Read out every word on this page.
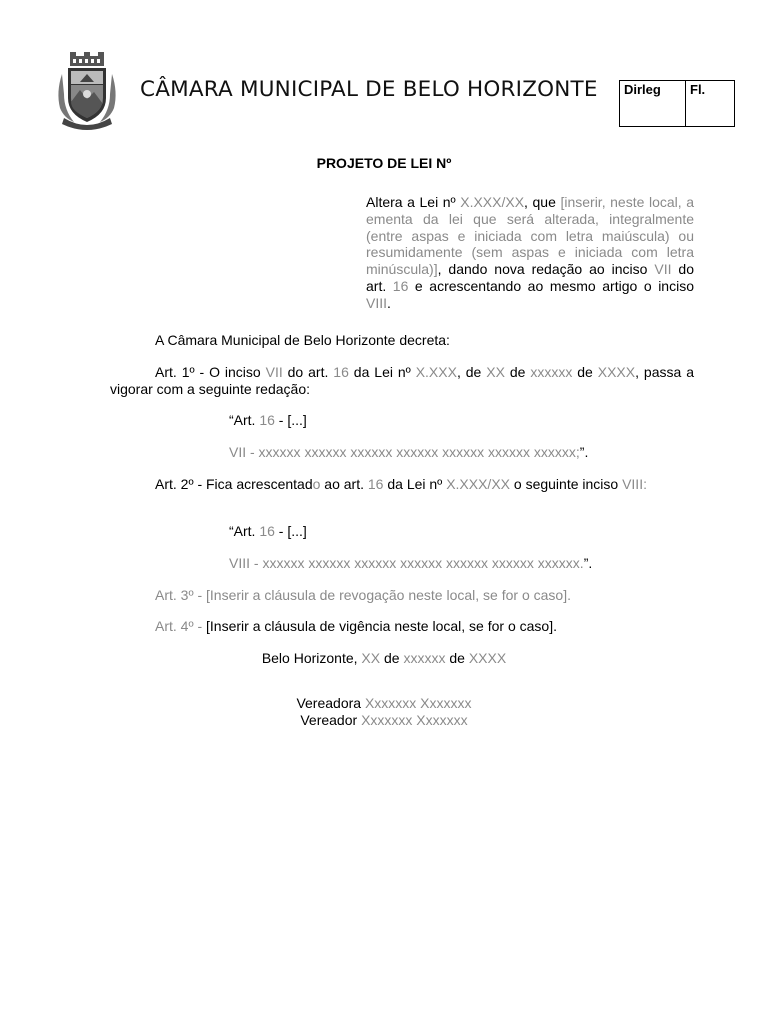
CÂMARA MUNICIPAL DE BELO HORIZONTE	Dirleg	Fl.
PROJETO DE LEI Nº
Altera a Lei nº X.XXX/XX, que [inserir, neste local, a ementa da lei que será alterada, integralmente (entre aspas e iniciada com letra maiúscula) ou resumidamente (sem aspas e iniciada com letra minúscula)], dando nova redação ao inciso VII do art. 16 e acrescentando ao mesmo artigo o inciso VIII.
A Câmara Municipal de Belo Horizonte decreta:
Art. 1º - O inciso VII do art. 16 da Lei nº X.XXX, de XX de xxxxxx de XXXX, passa a vigorar com a seguinte redação:
“Art. 16 - [...]
VII - xxxxxx xxxxxx xxxxxx xxxxxx xxxxxx xxxxxx xxxxxx;”.
Art. 2º - Fica acrescentado ao art. 16 da Lei nº X.XXX/XX o seguinte inciso VIII:
“Art. 16 - [...]
VIII - xxxxxx xxxxxx xxxxxx xxxxxx xxxxxx xxxxxx xxxxxx.”.
Art. 3º - [Inserir a cláusula de revogação neste local, se for o caso].
Art. 4º - [Inserir a cláusula de vigência neste local, se for o caso].
Belo Horizonte, XX de xxxxxx de XXXX
Vereadora Xxxxxxx Xxxxxxx
Vereador Xxxxxxx Xxxxxxx
